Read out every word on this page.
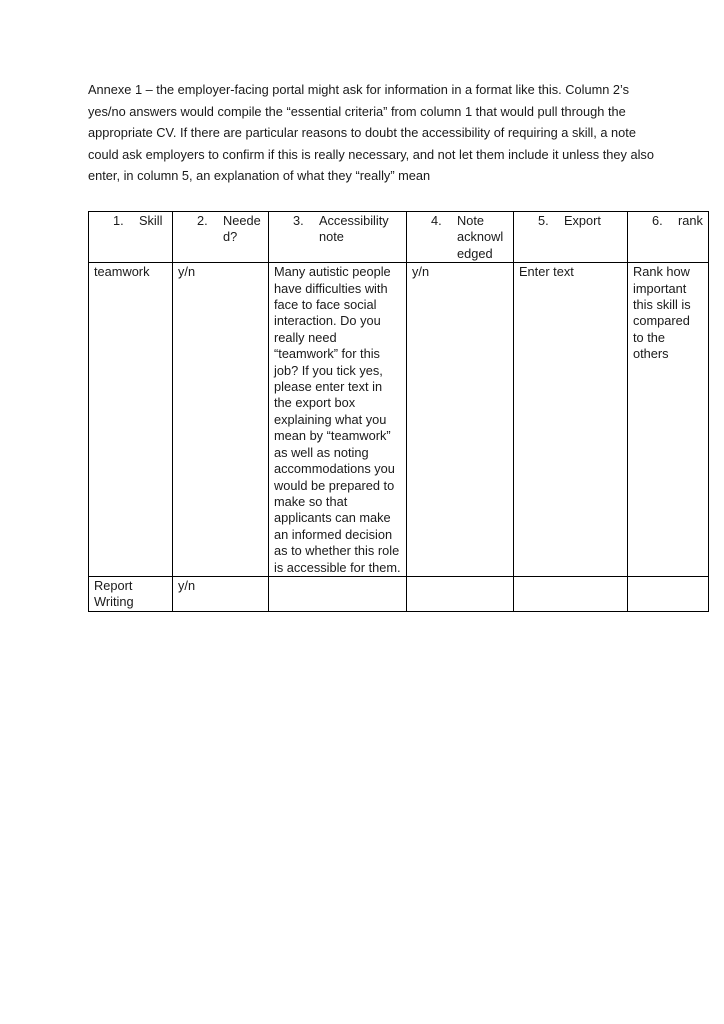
Annexe 1 – the employer-facing portal might ask for information in a format like this. Column 2’s yes/no answers would compile the “essential criteria” from column 1 that would pull through the appropriate CV. If there are particular reasons to doubt the accessibility of requiring a skill, a note could ask employers to confirm if this is really necessary, and not let them include it unless they also enter, in column 5, an explanation of what they “really” mean

1. Skill	2. Needed?	3. Accessibility note	4. Note acknowledged	5. Export	6. rank

teamwork	y/n	Many autistic people have difficulties with face to face social interaction. Do you really need “teamwork” for this job? If you tick yes, please enter text in the export box explaining what you mean by “teamwork” as well as noting accommodations you would be prepared to make so that applicants can make an informed decision as to whether this role is accessible for them.	y/n	Enter text	Rank how important this skill is compared to the others
Report Writing	y/n				
